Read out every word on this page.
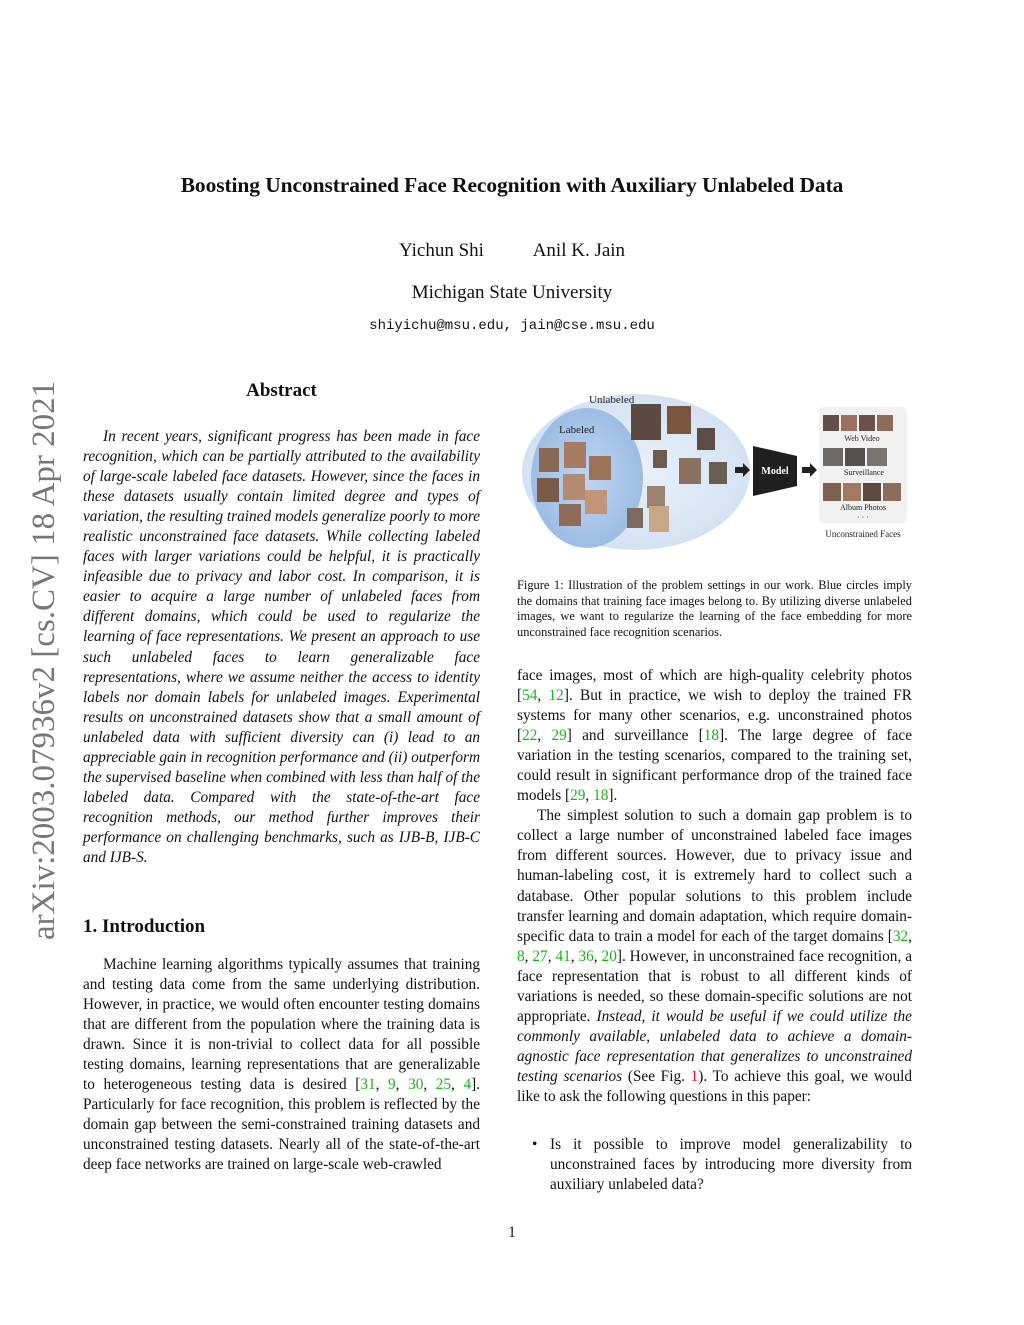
Boosting Unconstrained Face Recognition with Auxiliary Unlabeled Data
Yichun Shi	Anil K. Jain
Michigan State University
shiyichu@msu.edu, jain@cse.msu.edu
arXiv:2003.07936v2 [cs.CV] 18 Apr 2021	Abstract

In recent years, significant progress has been made in face recognition, which can be partially attributed to the availability of large-scale labeled face datasets. However, since the faces in these datasets usually contain limited degree and types of variation, the resulting trained models generalize poorly to more realistic unconstrained face datasets. While collecting labeled faces with larger variations could be helpful, it is practically infeasible due to privacy and labor cost. In comparison, it is easier to acquire a large number of unlabeled faces from different domains, which could be used to regularize the learning of face representations. We present an approach to use such unlabeled faces to learn generalizable face representations, where we assume neither the access to identity labels nor domain labels for unlabeled images. Experimental results on unconstrained datasets show that a small amount of unlabeled data with sufficient diversity can (i) lead to an appreciable gain in recognition performance and (ii) outperform the supervised baseline when combined with less than half of the labeled data. Compared with the state-of-the-art face recognition methods, our method further improves their performance on challenging benchmarks, such as IJB-B, IJB-C and IJB-S.

1. Introduction

Machine learning algorithms typically assumes that training and testing data come from the same underlying distribution. However, in practice, we would often encounter testing domains that are different from the population where the training data is drawn. Since it is non-trivial to collect data for all possible testing domains, learning representations that are generalizable to heterogeneous testing data is desired [31, 9, 30, 25, 4]. Particularly for face recognition, this problem is reflected by the domain gap between the semi-constrained training datasets and unconstrained testing datasets. Nearly all of the state-of-the-art deep face networks are trained on large-scale web-crawled

Unlabeled
Labeled
Model
Web Video
Surveillance
Album Photos
· · ·
Unconstrained Faces
Figure 1: Illustration of the problem settings in our work. Blue circles imply the domains that training face images belong to. By utilizing diverse unlabeled images, we want to regularize the learning of the face embedding for more unconstrained face recognition scenarios.

face images, most of which are high-quality celebrity photos [54, 12]. But in practice, we wish to deploy the trained FR systems for many other scenarios, e.g. unconstrained photos [22, 29] and surveillance [18]. The large degree of face variation in the testing scenarios, compared to the training set, could result in significant performance drop of the trained face models [29, 18].

The simplest solution to such a domain gap problem is to collect a large number of unconstrained labeled face images from different sources. However, due to privacy issue and human-labeling cost, it is extremely hard to collect such a database. Other popular solutions to this problem include transfer learning and domain adaptation, which require domain-specific data to train a model for each of the target domains [32, 8, 27, 41, 36, 20]. However, in unconstrained face recognition, a face representation that is robust to all different kinds of variations is needed, so these domain-specific solutions are not appropriate. Instead, it would be useful if we could utilize the commonly available, unlabeled data to achieve a domain-agnostic face representation that generalizes to unconstrained testing scenarios (See Fig. 1). To achieve this goal, we would like to ask the following questions in this paper:

• Is it possible to improve model generalizability to unconstrained faces by introducing more diversity from auxiliary unlabeled data?
1
